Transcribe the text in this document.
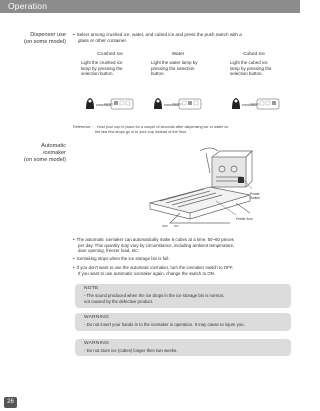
Operation
Dispenser use
(on some model)
• Select among crushed ice, water, and cubed ice and press the push switch with a
glass or other container.
Crushed Ice	Water	Cubed Ice
Light the crushed ice
lamp by pressing the
selection button.
Light the water lamp by
pressing the selection
button.
Light the cubed ice
lamp by pressing the
selection button.
DISPENSER	DISPENSER	DISPENSER
Reference : Hold your cup in place for a couple of seconds after dispensing ice or water so
the last few drops go in to your cup instead of the floor.
Automatic
icemaker
(on some model)
Power
Switch
Feeler Arm
OFF ON
• The automatic icemaker can automatically make 6 cubes at a time, 50~60 pieces
per day. This quantity may vary by circumstance, including ambient temperature,
door opening, freezer load, etc.
• Icemaking stops when the ice storage bin is full.
• If you don't want to use the automatic icemaker, turn the icemaker switch to OFF.
If you want to use automatic icemaker again, change the switch to ON.
NOTE
- The sound produced when the ice drops in the ice storage bin is normal,
not caused by the defective product.
WARNING
- Do not insert your hands in to the icemaker in operation. It may cause to injure you.
WARNING
- Do not store ice (cubes) longer then two weeks.
26
